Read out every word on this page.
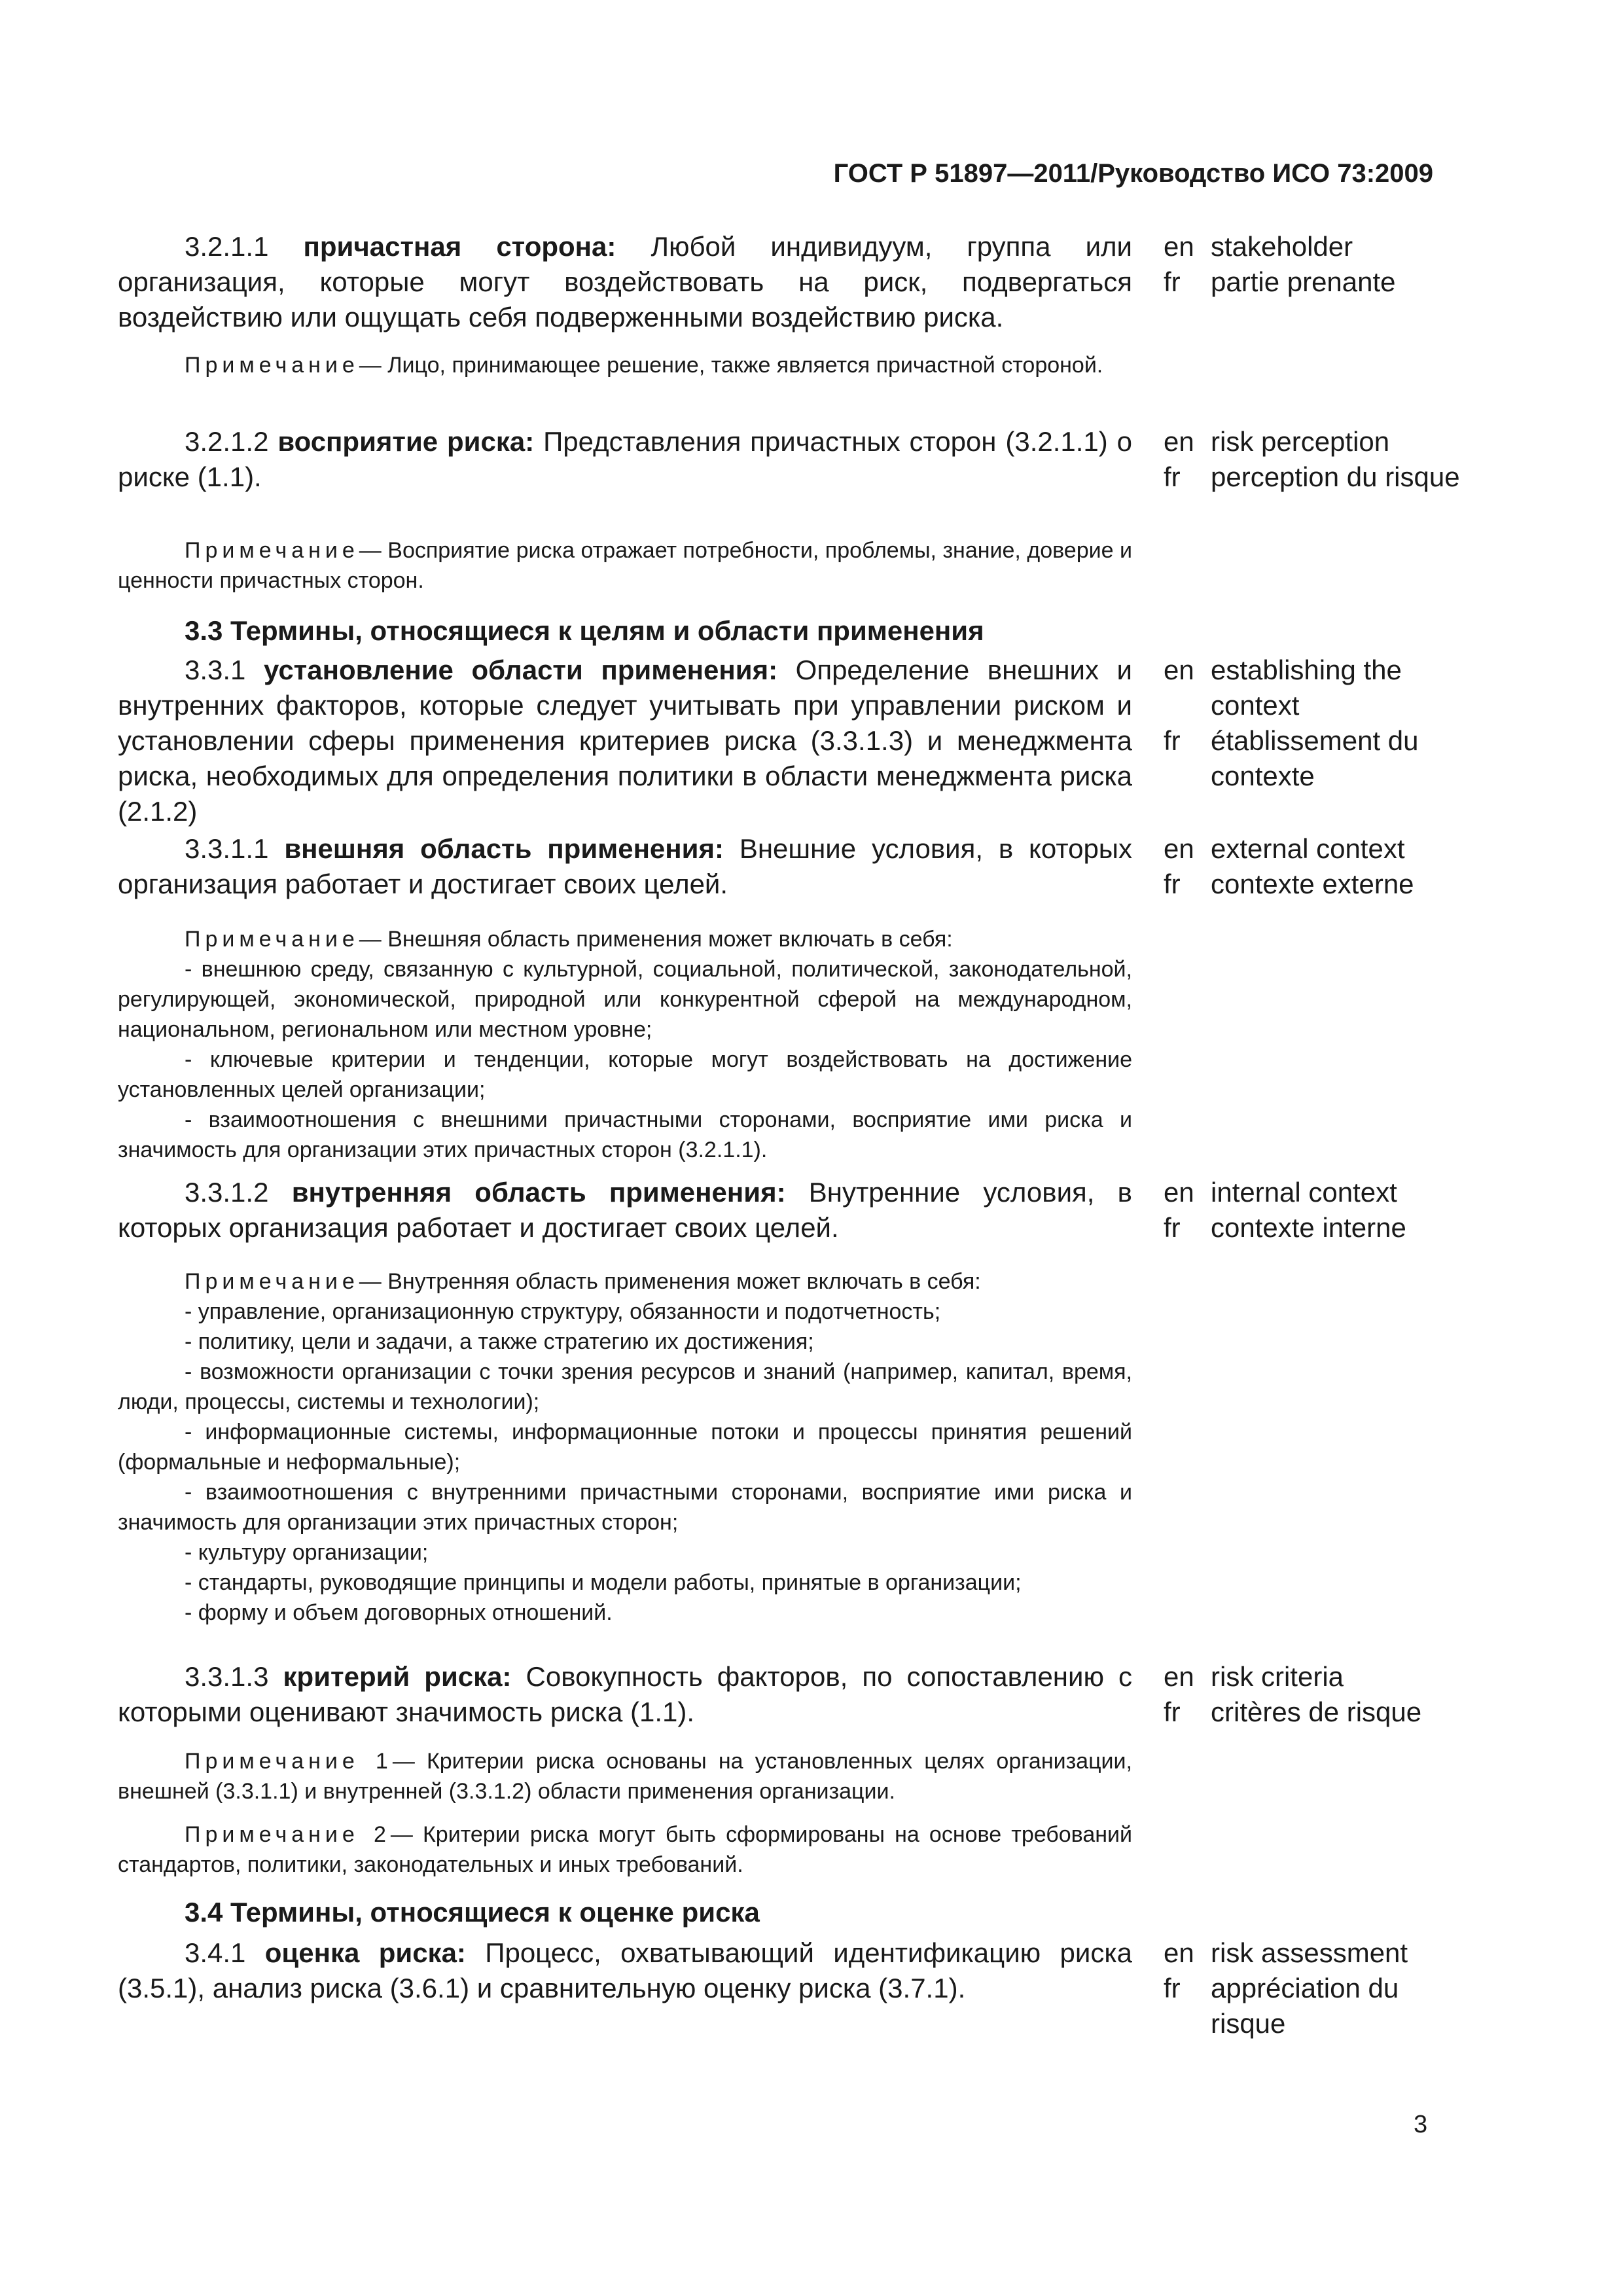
ГОСТ Р 51897—2011/Руководство ИСО 73:2009
3.2.1.1 причастная сторона: Любой индивидуум, группа или организация, которые могут воздействовать на риск, подвергаться воздействию или ощущать себя подверженными воздействию риска.
en stakeholder
fr	partie prenante

Примечание— Лицо, принимающее решение, также является причастной стороной.

3.2.1.2 восприятие риска: Представления причастных сторон (3.2.1.1) о риске (1.1).
en risk perception
fr	perception du risque

Примечание— Восприятие риска отражает потребности, проблемы, знание, доверие и ценности причастных сторон.

3.3 Термины, относящиеся к целям и области применения
3.3.1 установление области применения: Определение внешних и внутренних факторов, которые следует учитывать при управлении риском и установлении сферы применения критериев риска (3.3.1.3) и менеджмента риска, необходимых для определения политики в области менеджмента риска (2.1.2)
en establishing the context
fr	établissement du contexte
3.3.1.1 внешняя область применения: Внешние условия, в которых организация работает и достигает своих целей.
en external context
fr	contexte externe

Примечание— Внешняя область применения может включать в себя:

- внешнюю среду, связанную с культурной, социальной, политической, законодательной, регулирующей, экономической, природной или конкурентной сферой на международном, национальном, региональном или местном уровне;

- ключевые критерии и тенденции, которые могут воздействовать на достижение установленных целей организации;

- взаимоотношения с внешними причастными сторонами, восприятие ими риска и значимость для организации этих причастных сторон (3.2.1.1).

3.3.1.2 внутренняя область применения: Внутренние условия, в которых организация работает и достигает своих целей.
en internal context
fr	contexte interne

Примечание— Внутренняя область применения может включать в себя:

- управление, организационную структуру, обязанности и подотчетность;

- политику, цели и задачи, а также стратегию их достижения;

- возможности организации с точки зрения ресурсов и знаний (например, капитал, время, люди, процессы, системы и технологии);

- информационные системы, информационные потоки и процессы принятия решений (формальные и неформальные);

- взаимоотношения с внутренними причастными сторонами, восприятие ими риска и значимость для организации этих причастных сторон;

- культуру организации;

- стандарты, руководящие принципы и модели работы, принятые в организации;

- форму и объем договорных отношений.

3.3.1.3 критерий риска: Совокупность факторов, по сопоставлению с которыми оценивают значимость риска (1.1).
en risk criteria
fr	critères de risque

Примечание 1— Критерии риска основаны на установленных целях организации, внешней (3.3.1.1) и внутренней (3.3.1.2) области применения организации.

Примечание 2— Критерии риска могут быть сформированы на основе требований стандартов, политики, законодательных и иных требований.

3.4 Термины, относящиеся к оценке риска
3.4.1 оценка риска: Процесс, охватывающий идентификацию риска (3.5.1), анализ риска (3.6.1) и сравнительную оценку риска (3.7.1).
en risk assessment
fr	appréciation du risque
3
